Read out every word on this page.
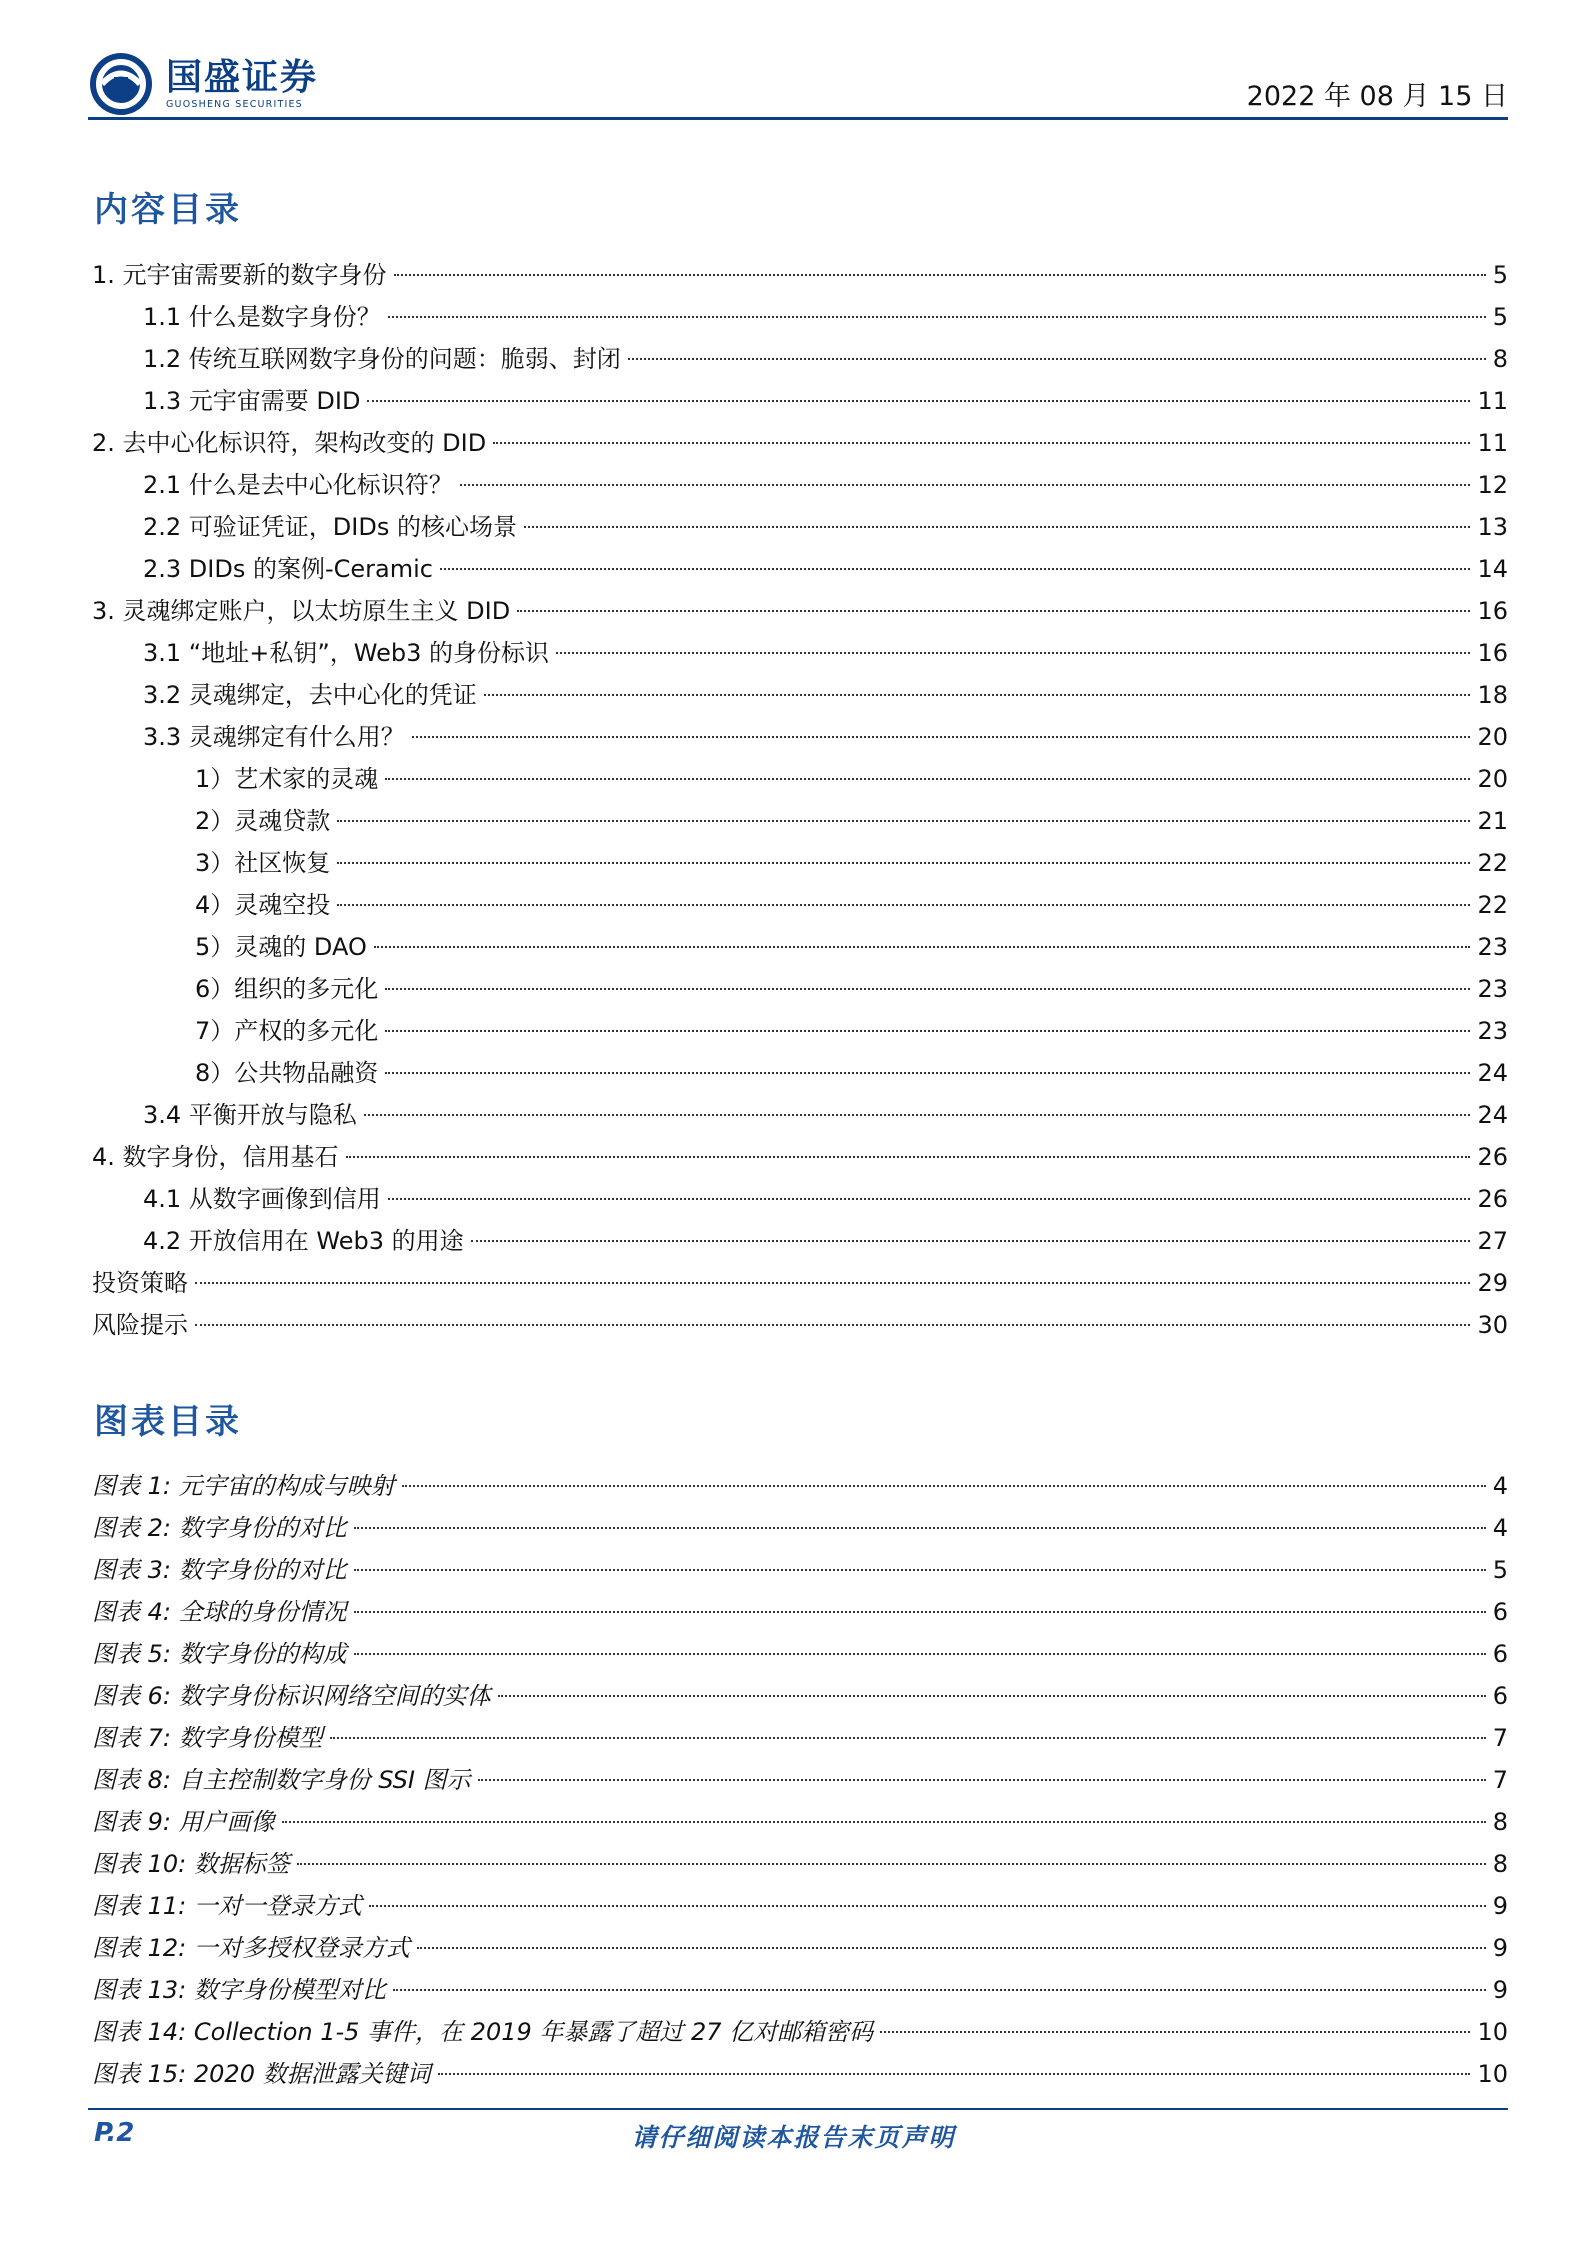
国盛证券
GUOSHENG SECURITIES	2022 年 08 月 15 日
内容目录
1. 元宇宙需要新的数字身份	5
1.1 什么是数字身份？	5
1.2 传统互联网数字身份的问题：脆弱、封闭	8
1.3 元宇宙需要 DID	11
2. 去中心化标识符，架构改变的 DID	11
2.1 什么是去中心化标识符？	12
2.2 可验证凭证，DIDs 的核心场景	13
2.3 DIDs 的案例-Ceramic	14
3. 灵魂绑定账户，以太坊原生主义 DID	16
3.1 “地址+私钥”，Web3 的身份标识	16
3.2 灵魂绑定，去中心化的凭证	18
3.3 灵魂绑定有什么用？	20
1）艺术家的灵魂	20
2）灵魂贷款	21
3）社区恢复	22
4）灵魂空投	22
5）灵魂的 DAO	23
6）组织的多元化	23
7）产权的多元化	23
8）公共物品融资	24
3.4 平衡开放与隐私	24
4. 数字身份，信用基石	26
4.1 从数字画像到信用	26
4.2 开放信用在 Web3 的用途	27
投资策略	29
风险提示	30
图表目录
图表 1: 元宇宙的构成与映射	4
图表 2: 数字身份的对比	4
图表 3: 数字身份的对比	5
图表 4: 全球的身份情况	6
图表 5: 数字身份的构成	6
图表 6: 数字身份标识网络空间的实体	6
图表 7: 数字身份模型	7
图表 8: 自主控制数字身份 SSI 图示	7
图表 9: 用户画像	8
图表 10: 数据标签	8
图表 11: 一对一登录方式	9
图表 12: 一对多授权登录方式	9
图表 13: 数字身份模型对比	9
图表 14: Collection 1-5 事件，在 2019 年暴露了超过 27 亿对邮箱密码	10
图表 15: 2020 数据泄露关键词	10
P.2	请仔细阅读本报告末页声明
